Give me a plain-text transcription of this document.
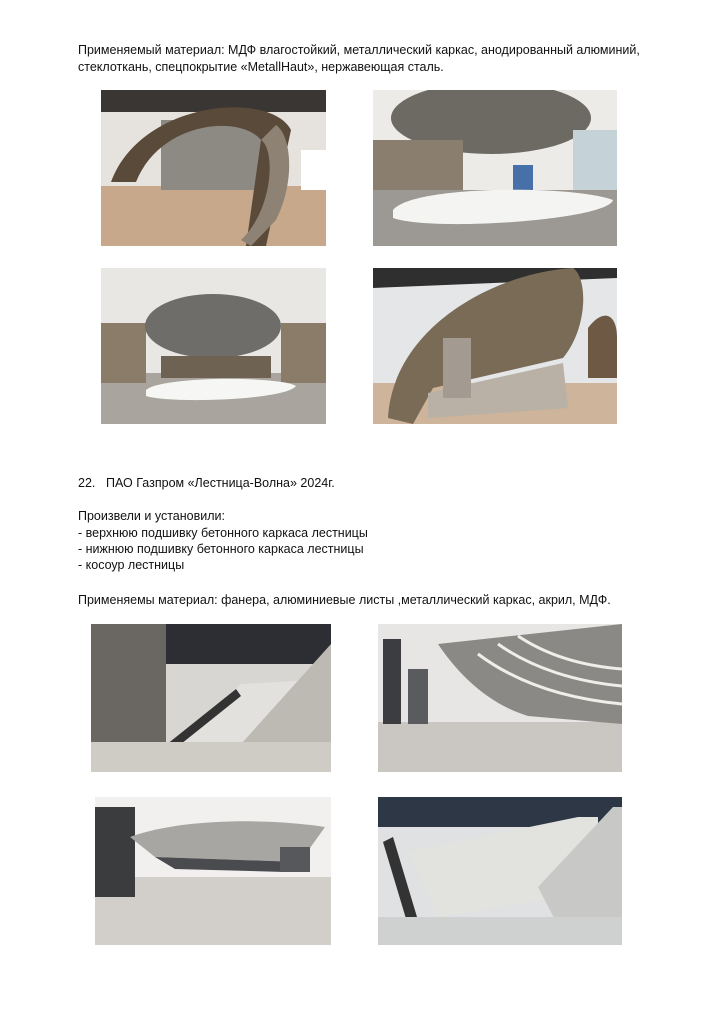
Применяемый материал: МДФ влагостойкий, металлический каркас, анодированный алюминий,
стеклоткань, спецпокрытие «MetallHaut», нержавеющая сталь.
22. ПАО Газпром «Лестница-Волна» 2024г.
Произвели и установили:
- верхнюю подшивку бетонного каркаса лестницы
- нижнюю подшивку бетонного каркаса лестницы
- косоур лестницы
Применяемы материал: фанера, алюминиевые листы ,металлический каркас, акрил, МДФ.
